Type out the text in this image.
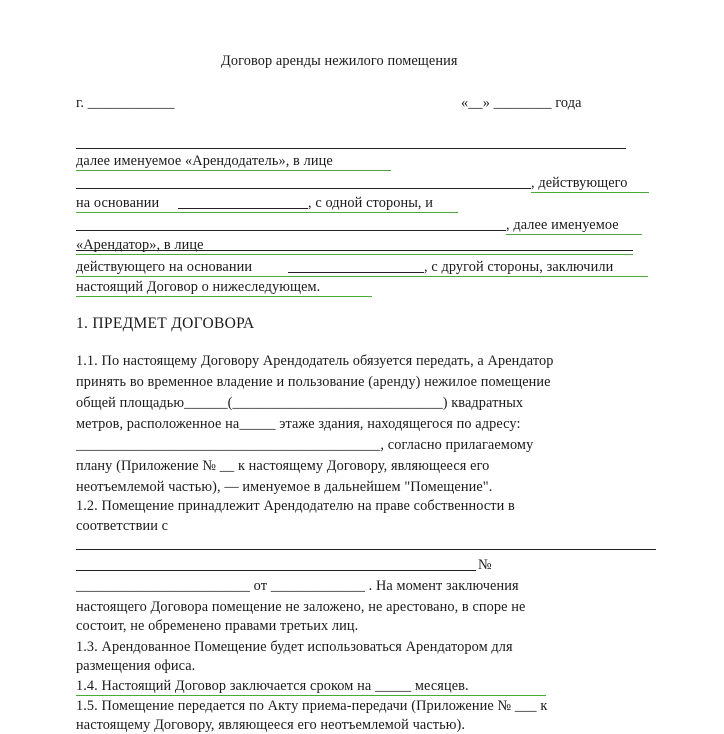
Договор аренды нежилого помещения
г. ____________	«__» ________ года
далее именуемое «Арендодатель», в лице
, действующего
на основании	, с одной стороны, и
, далее именуемое
«Арендатор», в лице
действующего на основании	, с другой стороны, заключили
настоящий Договор о нижеследующем.
1. ПРЕДМЕТ ДОГОВОРА
1.1. По настоящему Договору Арендодатель обязуется передать, а Арендатор
принять во временное владение и пользование (аренду) нежилое помещение
общей площадью______(_____________________________) квадратных
метров, расположенное на_____ этаже здания, находящегося по адресу:
__________________________________________, согласно прилагаемому
плану (Приложение № __ к настоящему Договору, являющееся его
неотъемлемой частью), — именуемое в дальнейшем "Помещение".
1.2. Помещение принадлежит Арендодателю на праве собственности в
соответствии с
№
________________________ от _____________ . На момент заключения
настоящего Договора помещение не заложено, не арестовано, в споре не
состоит, не обременено правами третьих лиц.
1.3. Арендованное Помещение будет использоваться Арендатором для
размещения офиса.
1.4. Настоящий Договор заключается сроком на _____ месяцев.
1.5. Помещение передается по Акту приема-передачи (Приложение № ___ к
настоящему Договору, являющееся его неотъемлемой частью).
